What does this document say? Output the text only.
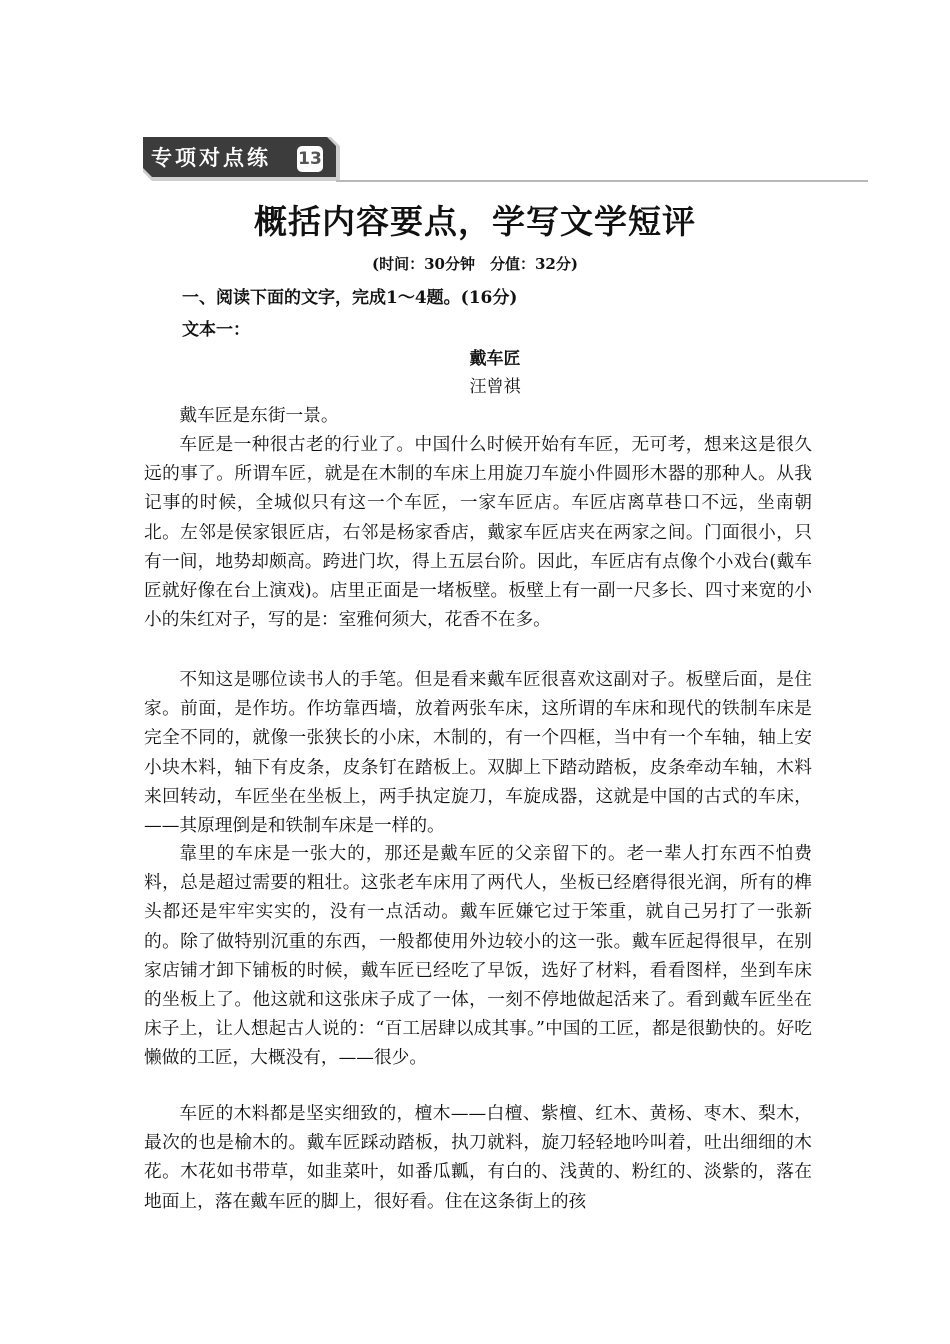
专项对点练 13
概括内容要点，学写文学短评
(时间：30分钟　分值：32分)
一、阅读下面的文字，完成1～4题。(16分)
文本一：
戴车匠
汪曾祺

戴车匠是东街一景。

车匠是一种很古老的行业了。中国什么时候开始有车匠，无可考，想来这是很久远的事了。所谓车匠，就是在木制的车床上用旋刀车旋小件圆形木器的那种人。从我记事的时候，全城似只有这一个车匠，一家车匠店。车匠店离草巷口不远，坐南朝北。左邻是侯家银匠店，右邻是杨家香店，戴家车匠店夹在两家之间。门面很小，只有一间，地势却颇高。跨进门坎，得上五层台阶。因此，车匠店有点像个小戏台(戴车匠就好像在台上演戏)。店里正面是一堵板壁。板壁上有一副一尺多长、四寸来宽的小小的朱红对子，写的是：室雅何须大，花香不在多。

不知这是哪位读书人的手笔。但是看来戴车匠很喜欢这副对子。板壁后面，是住家。前面，是作坊。作坊靠西墙，放着两张车床，这所谓的车床和现代的铁制车床是完全不同的，就像一张狭长的小床，木制的，有一个四框，当中有一个车轴，轴上安小块木料，轴下有皮条，皮条钉在踏板上。双脚上下踏动踏板，皮条牵动车轴，木料来回转动，车匠坐在坐板上，两手执定旋刀，车旋成器，这就是中国的古式的车床，——其原理倒是和铁制车床是一样的。

靠里的车床是一张大的，那还是戴车匠的父亲留下的。老一辈人打东西不怕费料，总是超过需要的粗壮。这张老车床用了两代人，坐板已经磨得很光润，所有的榫头都还是牢牢实实的，没有一点活动。戴车匠嫌它过于笨重，就自己另打了一张新的。除了做特别沉重的东西，一般都使用外边较小的这一张。戴车匠起得很早，在别家店铺才卸下铺板的时候，戴车匠已经吃了早饭，选好了材料，看看图样，坐到车床的坐板上了。他这就和这张床子成了一体，一刻不停地做起活来了。看到戴车匠坐在床子上，让人想起古人说的：“百工居肆以成其事。”中国的工匠，都是很勤快的。好吃懒做的工匠，大概没有，——很少。

车匠的木料都是坚实细致的，檀木——白檀、紫檀、红木、黄杨、枣木、梨木，最次的也是榆木的。戴车匠踩动踏板，执刀就料，旋刀轻轻地吟叫着，吐出细细的木花。木花如书带草，如韭菜叶，如番瓜瓤，有白的、浅黄的、粉红的、淡紫的，落在地面上，落在戴车匠的脚上，很好看。住在这条街上的孩
